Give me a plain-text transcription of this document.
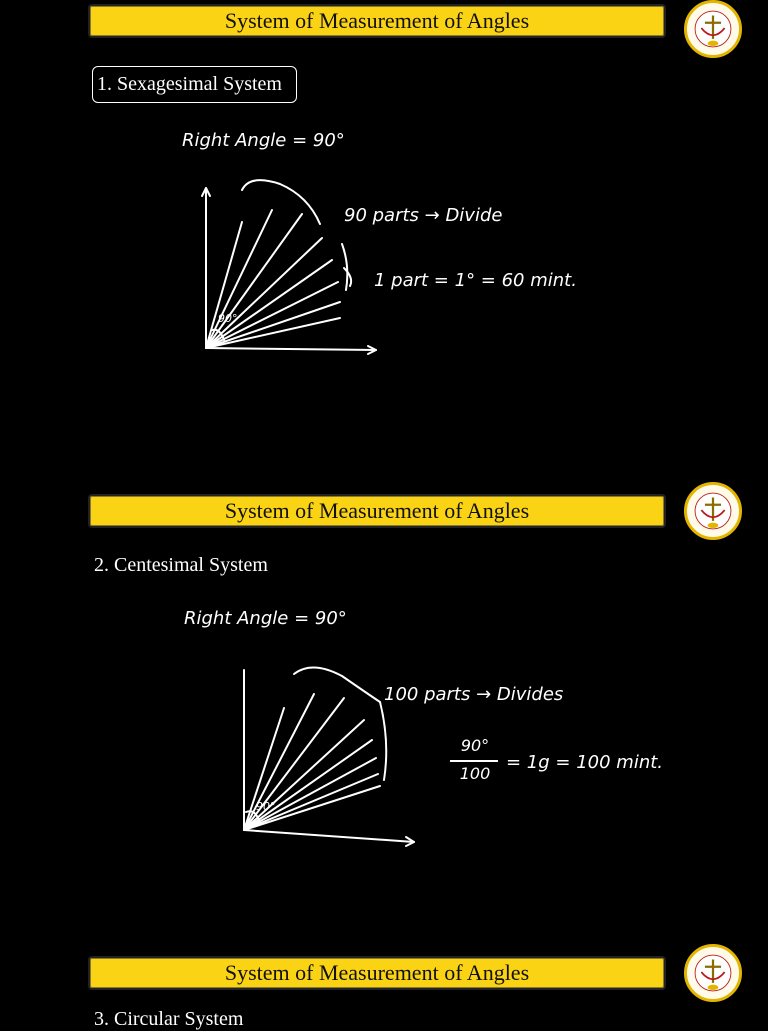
System of Measurement of Angles
1. Sexagesimal System
Right Angle = 90°
90°
90 parts → Divide
1 part = 1° = 60 mint.
System of Measurement of Angles
2. Centesimal System
Right Angle = 90°
90°
100 parts → Divides
90°
100
= 1g = 100 mint.
System of Measurement of Angles
3. Circular System
